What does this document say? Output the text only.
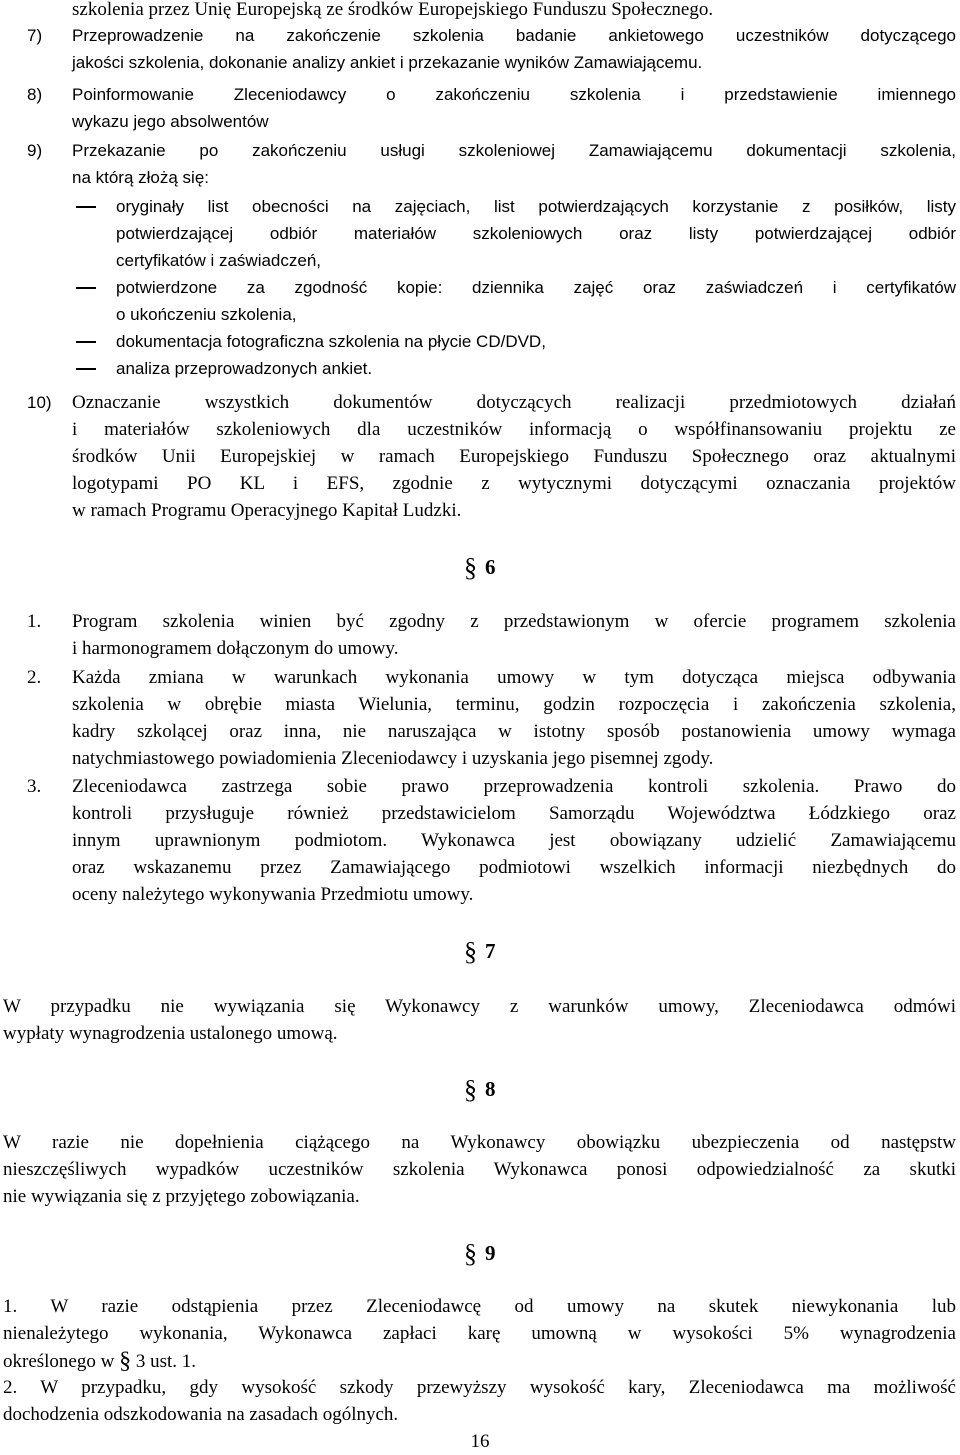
szkolenia przez Unię Europejską ze środków Europejskiego Funduszu Społecznego.
7) Przeprowadzenie na zakończenie szkolenia badanie ankietowego uczestników dotyczącego
jakości szkolenia, dokonanie analizy ankiet i przekazanie wyników Zamawiającemu.
8) Poinformowanie Zleceniodawcy o zakończeniu szkolenia i przedstawienie imiennego
wykazu jego absolwentów
9) Przekazanie po zakończeniu usługi szkoleniowej Zamawiającemu dokumentacji szkolenia,
na którą złożą się:
oryginały list obecności na zajęciach, list potwierdzających korzystanie z posiłków, listy
potwierdzającej odbiór materiałów szkoleniowych oraz listy potwierdzającej odbiór
certyfikatów i zaświadczeń,
potwierdzone za zgodność kopie: dziennika zajęć oraz zaświadczeń i certyfikatów
o ukończeniu szkolenia,
dokumentacja fotograficzna szkolenia na płycie CD/DVD,
analiza przeprowadzonych ankiet.
10) Oznaczanie wszystkich dokumentów dotyczących realizacji przedmiotowych działań
i materiałów szkoleniowych dla uczestników informacją o współfinansowaniu projektu ze
środków Unii Europejskiej w ramach Europejskiego Funduszu Społecznego oraz aktualnymi
logotypami PO KL i EFS, zgodnie z wytycznymi dotyczącymi oznaczania projektów
w ramach Programu Operacyjnego Kapitał Ludzki.
§ 6
1. Program szkolenia winien być zgodny z przedstawionym w ofercie programem szkolenia
i harmonogramem dołączonym do umowy.
2. Każda zmiana w warunkach wykonania umowy w tym dotycząca miejsca odbywania
szkolenia w obrębie miasta Wielunia, terminu, godzin rozpoczęcia i zakończenia szkolenia,
kadry szkolącej oraz inna, nie naruszająca w istotny sposób postanowienia umowy wymaga
natychmiastowego powiadomienia Zleceniodawcy i uzyskania jego pisemnej zgody.
3. Zleceniodawca zastrzega sobie prawo przeprowadzenia kontroli szkolenia. Prawo do
kontroli przysługuje również przedstawicielom Samorządu Województwa Łódzkiego oraz
innym uprawnionym podmiotom. Wykonawca jest obowiązany udzielić Zamawiającemu
oraz wskazanemu przez Zamawiającego podmiotowi wszelkich informacji niezbędnych do
oceny należytego wykonywania Przedmiotu umowy.
§ 7
W przypadku nie wywiązania się Wykonawcy z warunków umowy, Zleceniodawca odmówi
wypłaty wynagrodzenia ustalonego umową.
§ 8
W razie nie dopełnienia ciążącego na Wykonawcy obowiązku ubezpieczenia od następstw
nieszczęśliwych wypadków uczestników szkolenia Wykonawca ponosi odpowiedzialność za skutki
nie wywiązania się z przyjętego zobowiązania.
§ 9
1. W razie odstąpienia przez Zleceniodawcę od umowy na skutek niewykonania lub
nienależytego wykonania, Wykonawca zapłaci karę umowną w wysokości 5% wynagrodzenia
określonego w § 3 ust. 1.
2. W przypadku, gdy wysokość szkody przewyższy wysokość kary, Zleceniodawca ma możliwość
dochodzenia odszkodowania na zasadach ogólnych.
16
